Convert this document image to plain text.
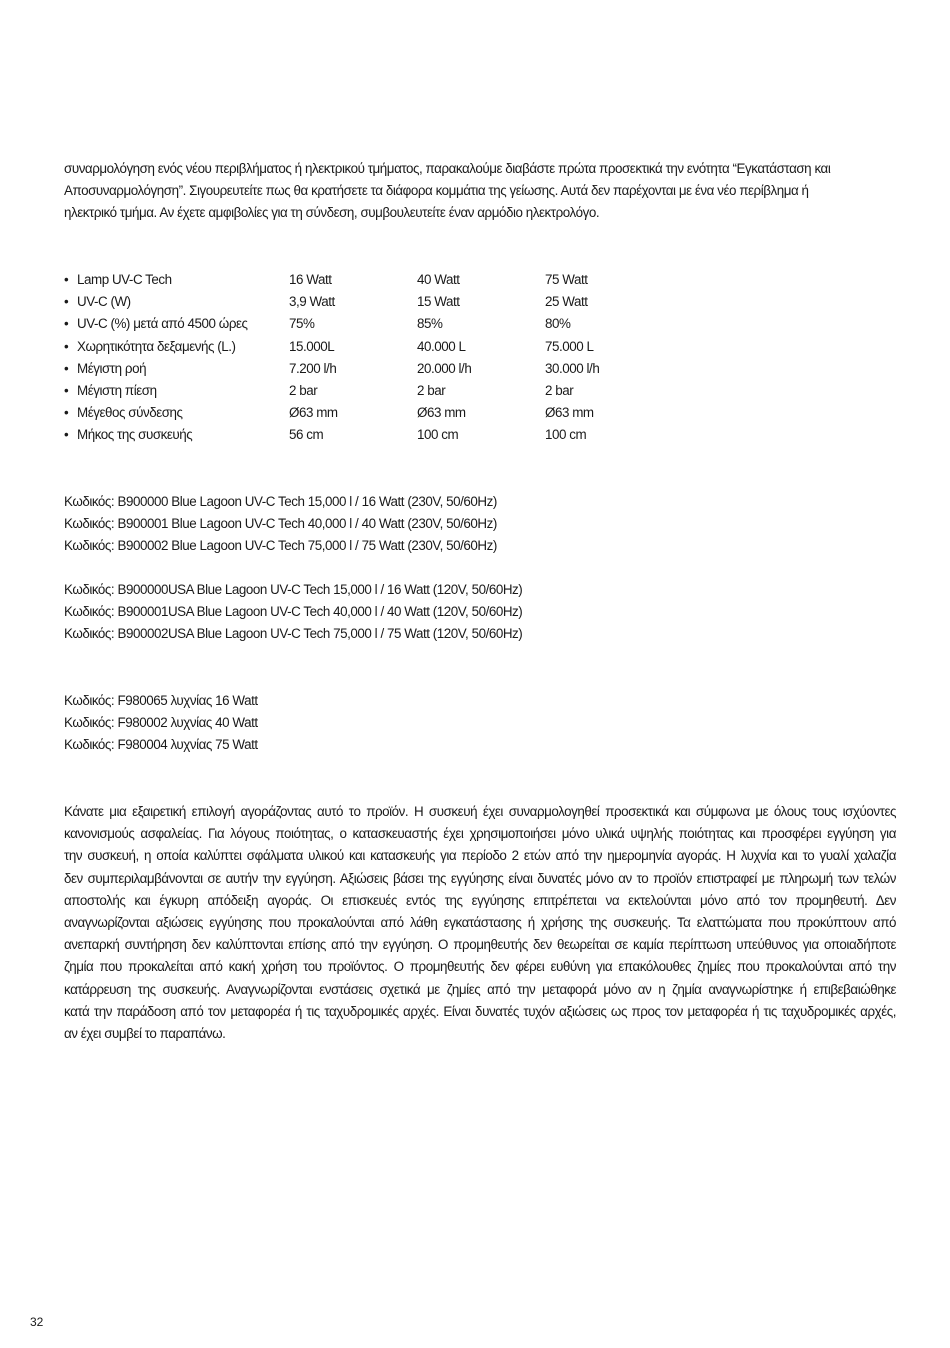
συναρμολόγηση ενός νέου περιβλήματος ή ηλεκτρικού τμήματος, παρακαλούμε διαβάστε πρώτα προσεκτικά την ενότητα “Εγκατάσταση και
Αποσυναρμολόγηση”. Σιγουρευτείτε πως θα κρατήσετε τα διάφορα κομμάτια της γείωσης. Αυτά δεν παρέχονται με ένα νέο περίβλημα ή
ηλεκτρικό τμήμα. Αν έχετε αμφιβολίες για τη σύνδεση, συμβουλευτείτε έναν αρμόδιο ηλεκτρολόγο.
• Lamp UV-C Tech	16 Watt	40 Watt	75 Watt
• UV-C (W)	3,9 Watt	15 Watt	25 Watt
• UV-C (%) μετά από 4500 ώρες	75%	85%	80%
• Χωρητικότητα δεξαμενής (L.)	15.000L	40.000 L	75.000 L
• Μέγιστη ροή	7.200 l/h	20.000 l/h	30.000 l/h
• Μέγιστη πίεση	2 bar	2 bar	2 bar
• Μέγεθος σύνδεσης	Ø63 mm	Ø63 mm	Ø63 mm
• Μήκος της συσκευής	56 cm	100 cm	100 cm
Κωδικός: B900000 Blue Lagoon UV-C Tech 15,000 l / 16 Watt (230V, 50/60Hz)
Κωδικός: B900001 Blue Lagoon UV-C Tech 40,000 l / 40 Watt (230V, 50/60Hz)
Κωδικός: B900002 Blue Lagoon UV-C Tech 75,000 l / 75 Watt (230V, 50/60Hz)
Κωδικός: B900000USA Blue Lagoon UV-C Tech 15,000 l / 16 Watt (120V, 50/60Hz)
Κωδικός: B900001USA Blue Lagoon UV-C Tech 40,000 l / 40 Watt (120V, 50/60Hz)
Κωδικός: B900002USA Blue Lagoon UV-C Tech 75,000 l / 75 Watt (120V, 50/60Hz)
Κωδικός: F980065 λυχνίας 16 Watt
Κωδικός: F980002 λυχνίας 40 Watt
Κωδικός: F980004 λυχνίας 75 Watt
Κάνατε μια εξαιρετική επιλογή αγοράζοντας αυτό το προϊόν. Η συσκευή έχει συναρμολογηθεί προσεκτικά και σύμφωνα με όλους τους ισχύοντες
κανονισμούς ασφαλείας. Για λόγους ποιότητας, ο κατασκευαστής έχει χρησιμοποιήσει μόνο υλικά υψηλής ποιότητας και προσφέρει εγγύηση για
την συσκευή, η οποία καλύπτει σφάλματα υλικού και κατασκευής για περίοδο 2 ετών από την ημερομηνία αγοράς. Η λυχνία και το γυαλί χαλαζία
δεν συμπεριλαμβάνονται σε αυτήν την εγγύηση. Αξιώσεις βάσει της εγγύησης είναι δυνατές μόνο αν το προϊόν επιστραφεί με πληρωμή των τελών
αποστολής και έγκυρη απόδειξη αγοράς. Οι επισκευές εντός της εγγύησης επιτρέπεται να εκτελούνται μόνο από τον προμηθευτή. Δεν
αναγνωρίζονται αξιώσεις εγγύησης που προκαλούνται από λάθη εγκατάστασης ή χρήσης της συσκευής. Τα ελαττώματα που προκύπτουν από
ανεπαρκή συντήρηση δεν καλύπτονται επίσης από την εγγύηση. Ο προμηθευτής δεν θεωρείται σε καμία περίπτωση υπεύθυνος για οποιαδήποτε
ζημία που προκαλείται από κακή χρήση του προϊόντος. Ο προμηθευτής δεν φέρει ευθύνη για επακόλουθες ζημίες που προκαλούνται από την
κατάρρευση της συσκευής. Αναγνωρίζονται ενστάσεις σχετικά με ζημίες από την μεταφορά μόνο αν η ζημία αναγνωρίστηκε ή επιβεβαιώθηκε
κατά την παράδοση από τον μεταφορέα ή τις ταχυδρομικές αρχές. Είναι δυνατές τυχόν αξιώσεις ως προς τον μεταφορέα ή τις ταχυδρομικές αρχές,
αν έχει συμβεί το παραπάνω.
32
